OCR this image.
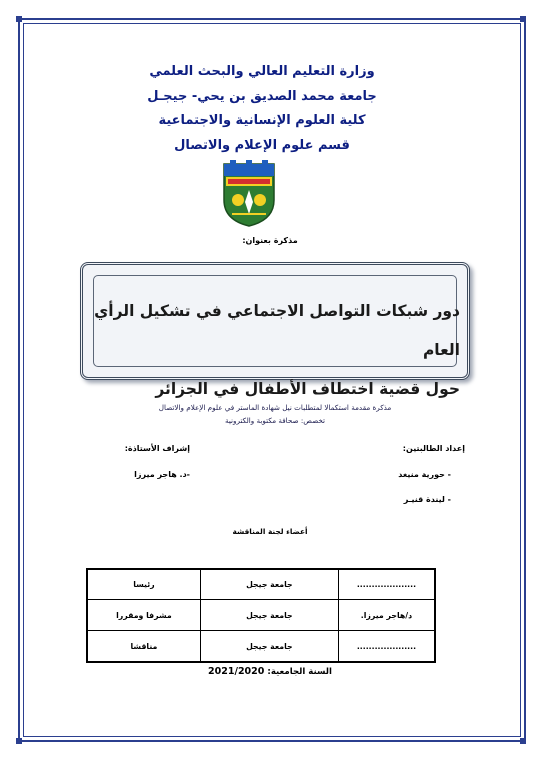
وزارة التعليم العالي والبحث العلمي
جامعة محمد الصديق بن يحي- جيجـل
كلية العلوم الإنسانية والاجتماعية
قسم علوم الإعلام والاتصال
مذكرة بعنوان:
دور شبكات التواصل الاجتماعي في تشكيل الرأي العام
حول قضية اختطاف الأطفال في الجزائر
مذكرة مقدمة استكمالا لمتطلبات نيل شهادة الماستر في علوم الإعلام والاتصال
تخصص: صحافة مكتوبة والكترونية
إعداد الطالبتين:
- حورية منيغد
- ليندة قنيـر
إشراف الأستاذة:
-د. هاجر ميرزا
أعضاء لجنة المناقشة
....................	جامعة جيجل	رئيسا
د/هاجر ميرزا.	جامعة جيجل	مشرفا ومقررا
....................	جامعة جيجل	مناقشا
السنة الجامعية: 2021/2020
